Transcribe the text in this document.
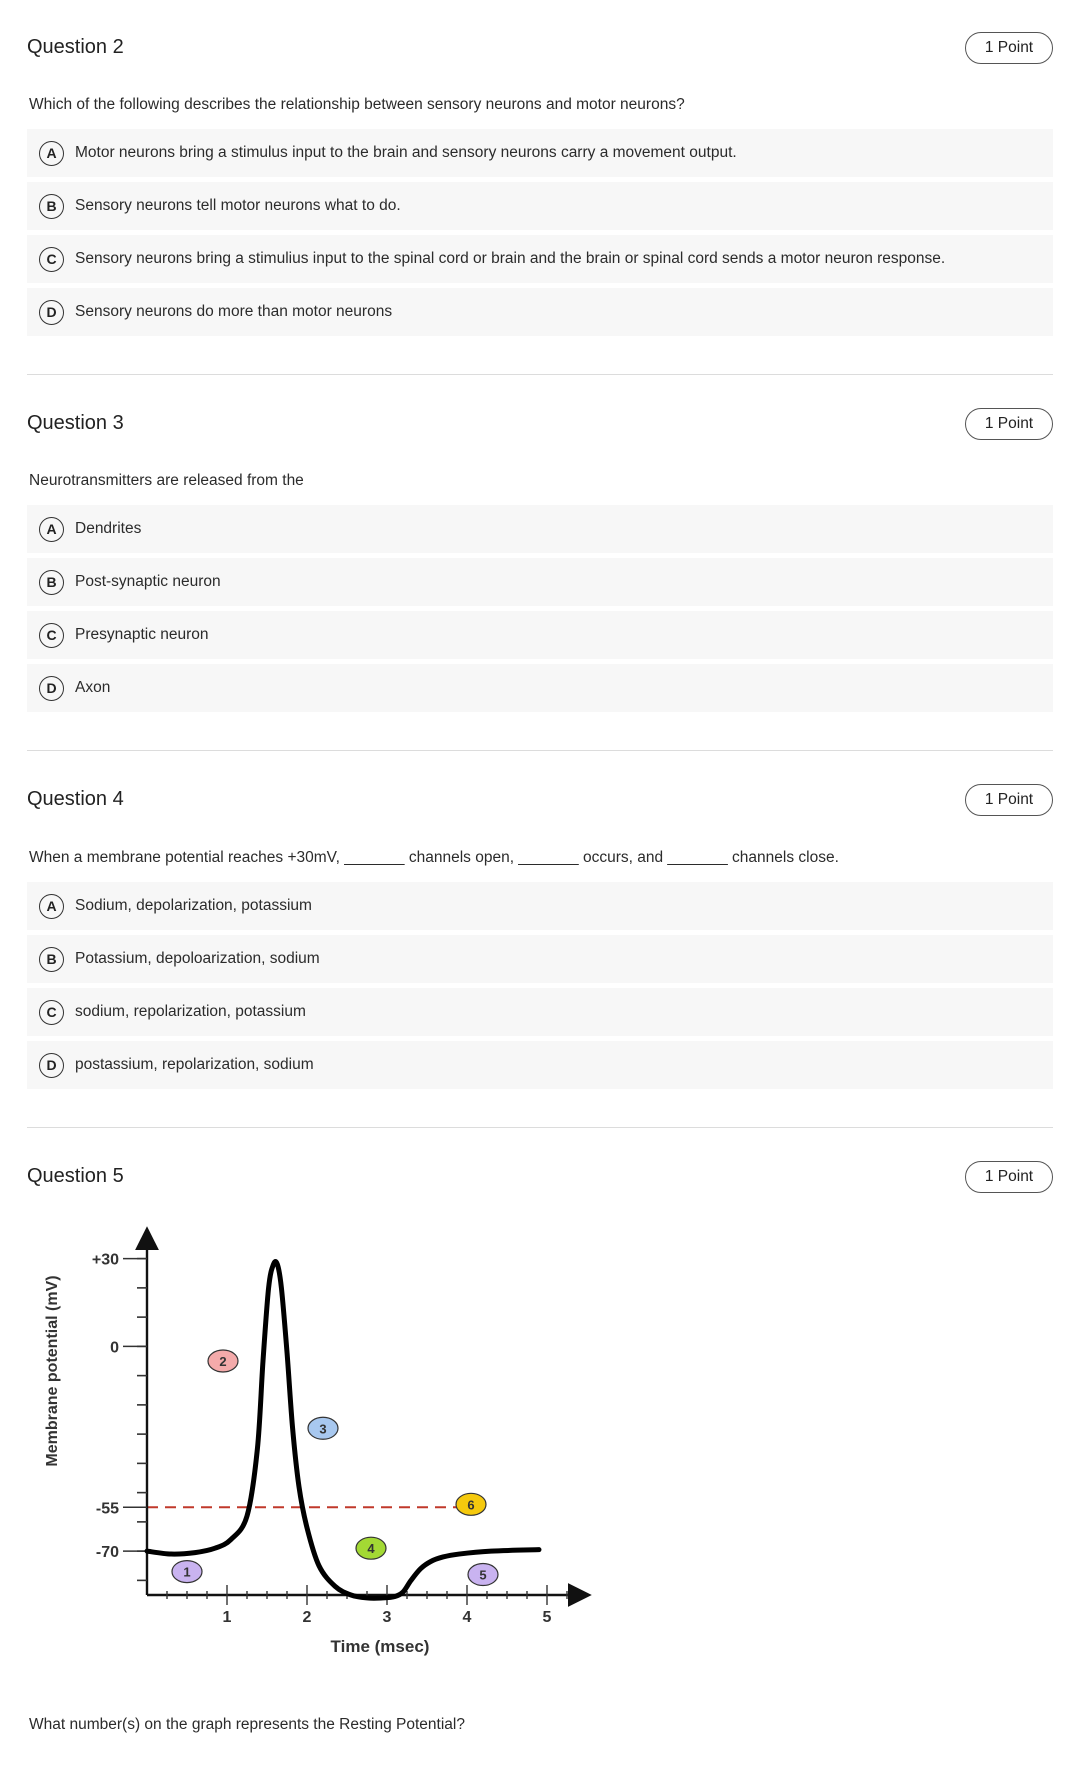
Question 2	1 Point
Which of the following describes the relationship between sensory neurons and motor neurons?
A	Motor neurons bring a stimulus input to the brain and sensory neurons carry a movement output.
B	Sensory neurons tell motor neurons what to do.
C	Sensory neurons bring a stimulius input to the spinal cord or brain and the brain or spinal cord sends a motor neuron response.
D	Sensory neurons do more than motor neurons
Question 3	1 Point
Neurotransmitters are released from the
A	Dendrites
B	Post-synaptic neuron
C	Presynaptic neuron
D	Axon
Question 4	1 Point
When a membrane potential reaches +30mV, _______ channels open, _______ occurs, and _______ channels close.
A	Sodium, depolarization, potassium
B	Potassium, depoloarization, sodium
C	sodium, repolarization, potassium
D	postassium, repolarization, sodium
Question 5	1 Point
+30
0
-55
-70
1	2	3	4	5
1
2
3
4
5
6
Time (msec)
Membrane potential (mV)
What number(s) on the graph represents the Resting Potential?
